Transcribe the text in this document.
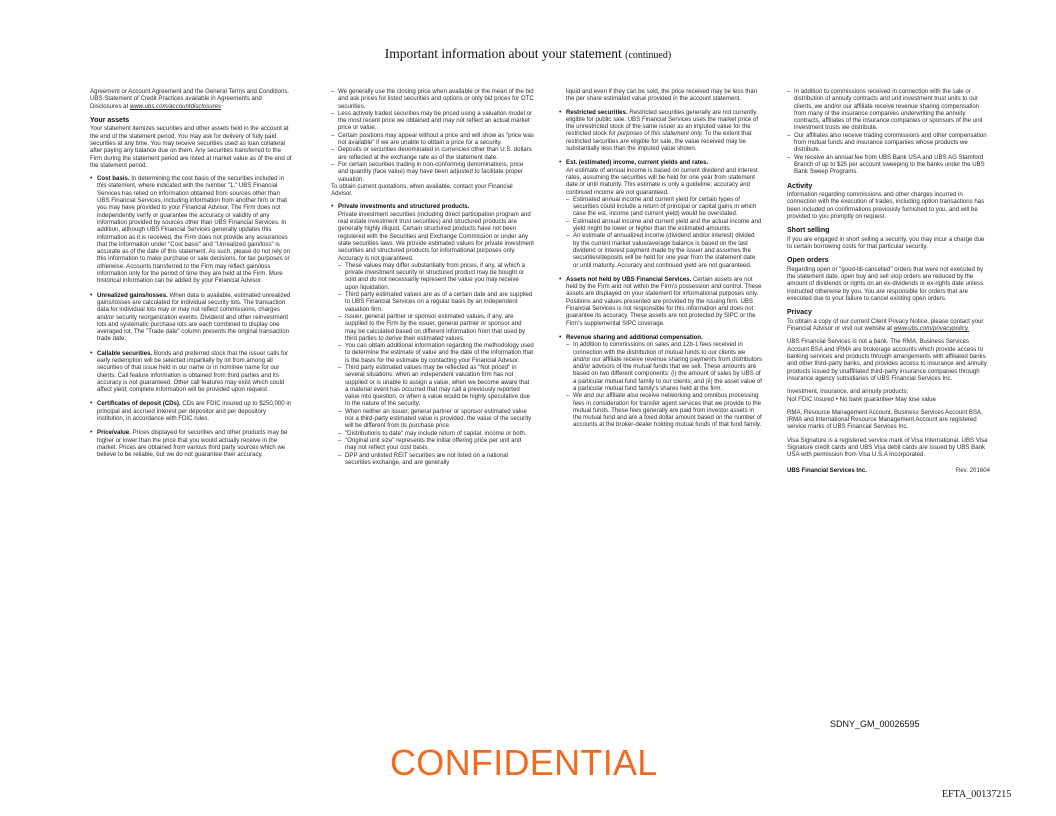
Important information about your statement (continued)

Agreement or Account Agreement and the General Terms and Conditions. UBS Statement of Credit Practices available in Agreements and Disclosures at www.ubs.com/accountdisclosures

Your assets

Your statement itemizes securities and other assets held in the account at the end of the statement period. You may ask for delivery of fully paid securities at any time. You may receive securities used as loan collateral after paying any balance due on them. Any securities transferred to the Firm during the statement period are listed at market value as of the end of the statement period.

• Cost basis. In determining the cost basis of the securities included in this statement, where indicated with the number "1," UBS Financial Services has relied on information obtained from sources other than UBS Financial Services, including information from another firm or that you may have provided to your Financial Advisor. The Firm does not independently verify or guarantee the accuracy or validity of any information provided by sources other than UBS Financial Services. In addition, although UBS Financial Services generally updates this information as it is received, the Firm does not provide any assurances that the information under "Cost basis" and "Unrealized gain/loss" is accurate as of the date of this statement. As such, please do not rely on this information to make purchase or sale decisions, for tax purposes or otherwise. Accounts transferred to the Firm may reflect gain/loss information only for the period of time they are held at the Firm. More historical information can be added by your Financial Advisor.
• Unrealized gains/losses. When data is available, estimated unrealized gains/losses are calculated for individual security lots. The transaction data for individual lots may or may not reflect commissions, charges and/or security reorganization events. Dividend and other reinvestment lots and systematic purchase lots are each combined to display one averaged lot. The "Trade date" column presents the original transaction trade date.
• Callable securities. Bonds and preferred stock that the issuer calls for early redemption will be selected impartially by lot from among all securities of that issue held in our name or in nominee name for our clients. Call feature information is obtained from third parties and its accuracy is not guaranteed. Other call features may exist which could affect yield; complete information will be provided upon request.
• Certificates of deposit (CDs). CDs are FDIC insured up to $250,000 in principal and accrued interest per depositor and per depository institution, in accordance with FDIC rules.
• Price/value. Prices displayed for securities and other products may be higher or lower than the price that you would actually receive in the market. Prices are obtained from various third party sources which we believe to be reliable, but we do not guarantee their accuracy.
– We generally use the closing price when available or the mean of the bid and ask prices for listed securities and options or only bid prices for OTC securities.
– Less actively traded securities may be priced using a valuation model or the most recent price we obtained and may not reflect an actual market price or value.
– Certain positions may appear without a price and will show as "price was not available" if we are unable to obtain a price for a security.
– Deposits or securities denominated in currencies other than U.S. dollars are reflected at the exchange rate as of the statement date.
– For certain securities trading in non-conforming denominations, price and quantity (face value) may have been adjusted to facilitate proper valuation.

To obtain current quotations, when available, contact your Financial Advisor.

• Private investments and structured products.
Private investment securities (including direct participation program and real estate investment trust securities) and structured products are generally highly illiquid. Certain structured products have not been registered with the Securities and Exchange Commission or under any state securities laws. We provide estimated values for private investment securities and structured products for informational purposes only. Accuracy is not guaranteed.
– These values may differ substantially from prices, if any, at which a private investment security or structured product may be bought or sold and do not necessarily represent the value you may receive upon liquidation.
– Third party estimated values are as of a certain date and are supplied to UBS Financial Services on a regular basis by an independent valuation firm.
– Issuer, general partner or sponsor estimated values, if any, are supplied to the Firm by the issuer, general partner or sponsor and may be calculated based on different information from that used by third parties to derive their estimated values.
– You can obtain additional information regarding the methodology used to determine the estimate of value and the date of the information that is the basis for the estimate by contacting your Financial Advisor.
– Third party estimated values may be reflected as "Not priced" in several situations: when an independent valuation firm has not supplied or is unable to assign a value, when we become aware that a material event has occurred that may call a previously reported value into question, or when a value would be highly speculative due to the nature of the security.
– When neither an issuer, general partner or sponsor estimated value nor a third-party estimated value is provided, the value of the security will be different from its purchase price.
– "Distributions to date" may include return of capital, income or both.
– "Original unit size" represents the initial offering price per unit and may not reflect your cost basis.
– DPP and unlisted REIT securities are not listed on a national securities exchange, and are generally

liquid and even if they can be sold, the price received may be less than the per share estimated value provided in the account statement.

• Restricted securities. Restricted securities generally are not currently eligible for public sale. UBS Financial Services uses the market price of the unrestricted stock of the same issuer as an imputed value for the restricted stock for purposes of this statement only. To the extent that restricted securities are eligible for sale, the value received may be substantially less than the imputed value shown.
• Est. (estimated) income, current yields and rates.
An estimate of annual income is based on current dividend and interest rates, assuming the securities will be held for one year from statement date or until maturity. This estimate is only a guideline; accuracy and continued income are not guaranteed.
– Estimated annual income and current yield for certain types of securities could include a return of principal or capital gains in which case the est. income (and current yield) would be overstated.
– Estimated annual income and current yield and the actual income and yield might be lower or higher than the estimated amounts.
– An estimate of annualized income (dividend and/or interest) divided by the current market value/average balance is based on the last dividend or interest payment made by the issuer and assumes the securities/deposits will be held for one year from the statement date or until maturity. Accuracy and continued yield are not guaranteed.
• Assets not held by UBS Financial Services. Certain assets are not held by the Firm and not within the Firm's possession and control. These assets are displayed on your statement for informational purposes only. Positions and values presented are provided by the issuing firm. UBS Financial Services is not responsible for this information and does not guarantee its accuracy. These assets are not protected by SIPC or the Firm's supplemental SIPC coverage.
• Revenue sharing and additional compensation.
– In addition to commissions on sales and 12b-1 fees received in connection with the distribution of mutual funds to our clients we and/or our affiliate receive revenue sharing payments from distributors and/or advisors of the mutual funds that we sell. These amounts are based on two different components: (i) the amount of sales by UBS of a particular mutual fund family to our clients; and (ii) the asset value of a particular mutual fund family's shares held at the firm.
– We and our affiliate also receive networking and omnibus processing fees in consideration for transfer agent services that we provide to the mutual funds. These fees generally are paid from investor assets in the mutual fund and are a fixed dollar amount based on the number of accounts at the broker-dealer holding mutual funds of that fund family.
– In addition to commissions received in connection with the sale or distribution of annuity contracts and unit investment trust units to our clients, we and/or our affiliate receive revenue sharing compensation from many of the insurance companies underwriting the annuity contracts, affiliates of the insurance companies or sponsors of the unit investment trusts we distribute.
– Our affiliates also receive trading commissions and other compensation from mutual funds and insurance companies whose products we distribute.
– We receive an annual fee from UBS Bank USA and UBS AG Stamford Branch of up to $25 per account sweeping to the banks under the UBS Bank Sweep Programs.
Activity

Information regarding commissions and other charges incurred in connection with the execution of trades, including option transactions has been included on confirmations previously furnished to you, and will be provided to you promptly on request.

Short selling

If you are engaged in short selling a security, you may incur a charge due to certain borrowing costs for that particular security.

Open orders

Regarding open or "good-till-cancelled" orders that were not executed by the statement date, open buy and sell stop orders are reduced by the amount of dividends or rights on an ex-dividends or ex-rights date unless instructed otherwise by you. You are responsible for orders that are executed due to your failure to cancel existing open orders.

Privacy

To obtain a copy of our current Client Privacy Notice, please contact your Financial Advisor or visit our website at www.ubs.com/privacypolicy.

UBS Financial Services is not a bank. The RMA, Business Services Account BSA and IRMA are brokerage accounts which provide access to banking services and products through arrangements with affiliated banks and other third-party banks, and provides access to insurance and annuity products issued by unaffiliated third-party insurance companies through insurance agency subsidiaries of UBS Financial Services Inc.

Investment, insurance, and annuity products:
Not FDIC insured • No bank guarantee• May lose value

RMA, Resource Management Account, Business Services Account BSA, IRMA and International Resource Management Account are registered service marks of UBS Financial Services Inc.

Visa Signature is a registered service mark of Visa International. UBS Visa Signature credit cards and UBS Visa debit cards are issued by UBS Bank USA with permission from Visa U.S.A Incorporated.

UBS Financial Services Inc.	Rev. 201604

SDNY_GM_00026595
CONFIDENTIAL
EFTA_00137215
